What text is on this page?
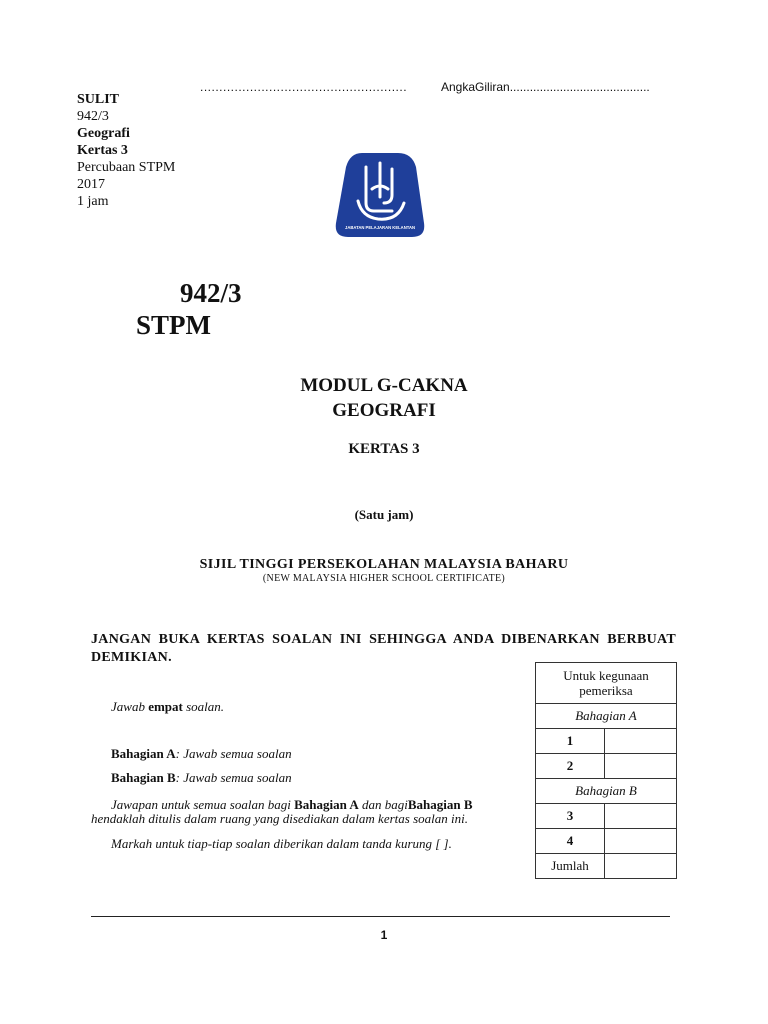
......................................................	AngkaGiliran..........................................
SULIT
942/3
Geografi
Kertas 3
Percubaan STPM
2017
1 jam
JABATAN PELAJARAN KELANTAN
942/3
STPM
MODUL G-CAKNA
GEOGRAFI
KERTAS 3
(Satu jam)
SIJIL TINGGI PERSEKOLAHAN MALAYSIA BAHARU
(NEW MALAYSIA HIGHER SCHOOL CERTIFICATE)
JANGAN BUKA KERTAS SOALAN INI SEHINGGA ANDA DIBENARKAN BERBUAT DEMIKIAN.
Jawab empat soalan.
Bahagian A: Jawab semua soalan
Bahagian B: Jawab semua soalan
Jawapan untuk semua soalan bagi Bahagian A dan bagiBahagian B
hendaklah ditulis dalam ruang yang disediakan dalam kertas soalan ini.
Markah untuk tiap-tiap soalan diberikan dalam tanda kurung [ ].
Untuk kegunaan pemeriksa	
Bahagian A	
1	
2	
Bahagian B	
3	
4	
Jumlah	
1
